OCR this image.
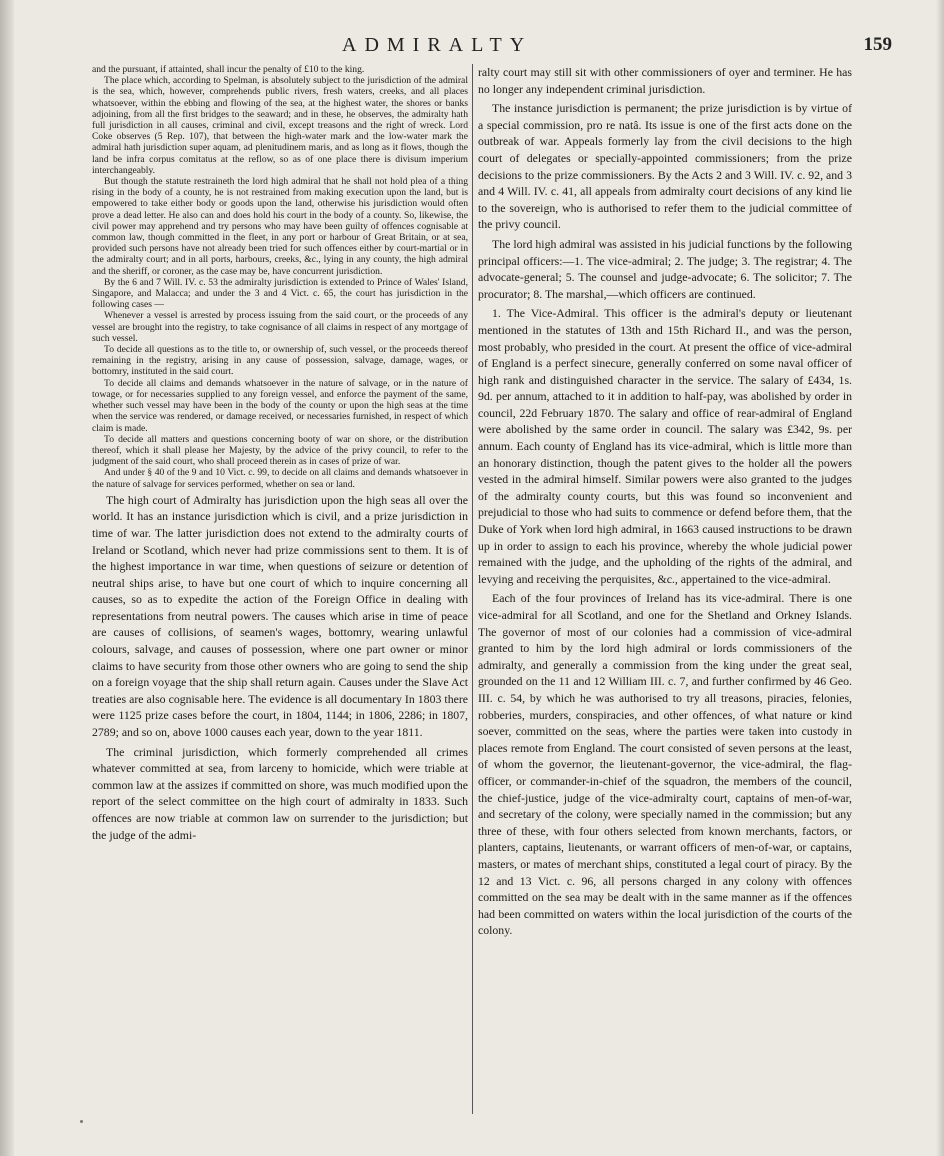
ADMIRALTY	159

and the pursuant, if attainted, shall incur the penalty of £10 to the king.

The place which, according to Spelman, is absolutely subject to the jurisdiction of the admiral is the sea, which, however, comprehends public rivers, fresh waters, creeks, and all places whatsoever, within the ebbing and flowing of the sea, at the highest water, the shores or banks adjoining, from all the first bridges to the seaward; and in these, he observes, the admiralty hath full jurisdiction in all causes, criminal and civil, except treasons and the right of wreck. Lord Coke observes (5 Rep. 107), that between the high-water mark and the low-water mark the admiral hath jurisdiction super aquam, ad plenitudinem maris, and as long as it flows, though the land be infra corpus comitatus at the reflow, so as of one place there is divisum imperium interchangeably.

But though the statute restraineth the lord high admiral that he shall not hold plea of a thing rising in the body of a county, he is not restrained from making execution upon the land, but is empowered to take either body or goods upon the land, otherwise his jurisdiction would often prove a dead letter. He also can and does hold his court in the body of a county. So, likewise, the civil power may apprehend and try persons who may have been guilty of offences cognisable at common law, though committed in the fleet, in any port or harbour of Great Britain, or at sea, provided such persons have not already been tried for such offences either by court-martial or in the admiralty court; and in all ports, harbours, creeks, &c., lying in any county, the high admiral and the sheriff, or coroner, as the case may be, have concurrent jurisdiction.

By the 6 and 7 Will. IV. c. 53 the admiralty jurisdiction is extended to Prince of Wales' Island, Singapore, and Malacca; and under the 3 and 4 Vict. c. 65, the court has jurisdiction in the following cases —

Whenever a vessel is arrested by process issuing from the said court, or the proceeds of any vessel are brought into the registry, to take cognisance of all claims in respect of any mortgage of such vessel.

To decide all questions as to the title to, or ownership of, such vessel, or the proceeds thereof remaining in the registry, arising in any cause of possession, salvage, damage, wages, or bottomry, instituted in the said court.

To decide all claims and demands whatsoever in the nature of salvage, or in the nature of towage, or for necessaries supplied to any foreign vessel, and enforce the payment of the same, whether such vessel may have been in the body of the county or upon the high seas at the time when the service was rendered, or damage received, or necessaries furnished, in respect of which claim is made.

To decide all matters and questions concerning booty of war on shore, or the distribution thereof, which it shall please her Majesty, by the advice of the privy council, to refer to the judgment of the said court, who shall proceed therein as in cases of prize of war.

And under § 40 of the 9 and 10 Vict. c. 99, to decide on all claims and demands whatsoever in the nature of salvage for services performed, whether on sea or land.

The high court of Admiralty has jurisdiction upon the high seas all over the world. It has an instance jurisdiction which is civil, and a prize jurisdiction in time of war. The latter jurisdiction does not extend to the admiralty courts of Ireland or Scotland, which never had prize commissions sent to them. It is of the highest importance in war time, when questions of seizure or detention of neutral ships arise, to have but one court of which to inquire concerning all causes, so as to expedite the action of the Foreign Office in dealing with representations from neutral powers. The causes which arise in time of peace are causes of collisions, of seamen's wages, bottomry, wearing unlawful colours, salvage, and causes of possession, where one part owner or minor claims to have security from those other owners who are going to send the ship on a foreign voyage that the ship shall return again. Causes under the Slave Act treaties are also cognisable here. The evidence is all documentary In 1803 there were 1125 prize cases before the court, in 1804, 1144; in 1806, 2286; in 1807, 2789; and so on, above 1000 causes each year, down to the year 1811.

The criminal jurisdiction, which formerly comprehended all crimes whatever committed at sea, from larceny to homicide, which were triable at common law at the assizes if committed on shore, was much modified upon the report of the select committee on the high court of admiralty in 1833. Such offences are now triable at common law on surrender to the jurisdiction; but the judge of the admi-

ralty court may still sit with other commissioners of oyer and terminer. He has no longer any independent criminal jurisdiction.

The instance jurisdiction is permanent; the prize jurisdiction is by virtue of a special commission, pro re natâ. Its issue is one of the first acts done on the outbreak of war. Appeals formerly lay from the civil decisions to the high court of delegates or specially-appointed commissioners; from the prize decisions to the prize commissioners. By the Acts 2 and 3 Will. IV. c. 92, and 3 and 4 Will. IV. c. 41, all appeals from admiralty court decisions of any kind lie to the sovereign, who is authorised to refer them to the judicial committee of the privy council.

The lord high admiral was assisted in his judicial functions by the following principal officers:—1. The vice-admiral; 2. The judge; 3. The registrar; 4. The advocate-general; 5. The counsel and judge-advocate; 6. The solicitor; 7. The procurator; 8. The marshal,—which officers are continued.

1. The Vice-Admiral. This officer is the admiral's deputy or lieutenant mentioned in the statutes of 13th and 15th Richard II., and was the person, most probably, who presided in the court. At present the office of vice-admiral of England is a perfect sinecure, generally conferred on some naval officer of high rank and distinguished character in the service. The salary of £434, 1s. 9d. per annum, attached to it in addition to half-pay, was abolished by order in council, 22d February 1870. The salary and office of rear-admiral of England were abolished by the same order in council. The salary was £342, 9s. per annum. Each county of England has its vice-admiral, which is little more than an honorary distinction, though the patent gives to the holder all the powers vested in the admiral himself. Similar powers were also granted to the judges of the admiralty county courts, but this was found so inconvenient and prejudicial to those who had suits to commence or defend before them, that the Duke of York when lord high admiral, in 1663 caused instructions to be drawn up in order to assign to each his province, whereby the whole judicial power remained with the judge, and the upholding of the rights of the admiral, and levying and receiving the perquisites, &c., appertained to the vice-admiral.

Each of the four provinces of Ireland has its vice-admiral. There is one vice-admiral for all Scotland, and one for the Shetland and Orkney Islands. The governor of most of our colonies had a commission of vice-admiral granted to him by the lord high admiral or lords commissioners of the admiralty, and generally a commission from the king under the great seal, grounded on the 11 and 12 William III. c. 7, and further confirmed by 46 Geo. III. c. 54, by which he was authorised to try all treasons, piracies, felonies, robberies, murders, conspiracies, and other offences, of what nature or kind soever, committed on the seas, where the parties were taken into custody in places remote from England. The court consisted of seven persons at the least, of whom the governor, the lieutenant-governor, the vice-admiral, the flag-officer, or commander-in-chief of the squadron, the members of the council, the chief-justice, judge of the vice-admiralty court, captains of men-of-war, and secretary of the colony, were specially named in the commission; but any three of these, with four others selected from known merchants, factors, or planters, captains, lieutenants, or warrant officers of men-of-war, or captains, masters, or mates of merchant ships, constituted a legal court of piracy. By the 12 and 13 Vict. c. 96, all persons charged in any colony with offences committed on the sea may be dealt with in the same manner as if the offences had been committed on waters within the local jurisdiction of the courts of the colony.
